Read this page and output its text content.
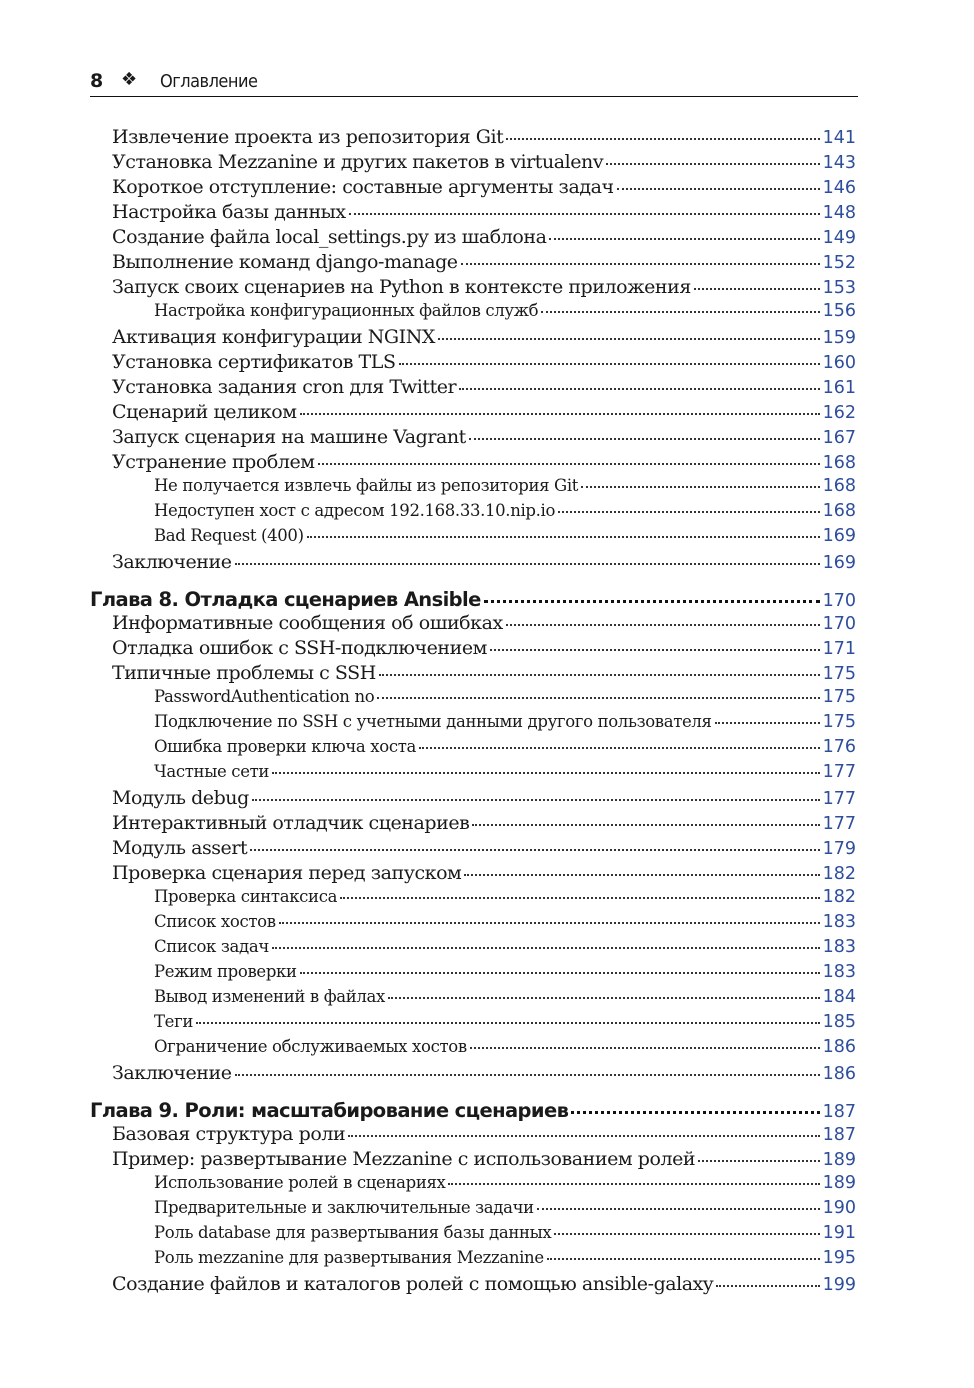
8 ❖ Оглавление
Извлечение проекта из репозитория Git	141
Установка Mezzanine и других пакетов в virtualenv	143
Короткое отступление: составные аргументы задач	146
Настройка базы данных	148
Создание файла local_settings.py из шаблона	149
Выполнение команд django-manage	152
Запуск своих сценариев на Python в контексте приложения	153
Настройка конфигурационных файлов служб	156
Активация конфигурации NGINX	159
Установка сертификатов TLS	160
Установка задания cron для Twitter	161
Сценарий целиком	162
Запуск сценария на машине Vagrant	167
Устранение проблем	168
Не получается извлечь файлы из репозитория Git	168
Недоступен хост с адресом 192.168.33.10.nip.io	168
Bad Request (400)	169
Заключение	169
Глава 8. Отладка сценариев Ansible	170
Информативные сообщения об ошибках	170
Отладка ошибок с SSH-подключением	171
Типичные проблемы с SSH	175
PasswordAuthentication no	175
Подключение по SSH с учетными данными другого пользователя	175
Ошибка проверки ключа хоста	176
Частные сети	177
Модуль debug	177
Интерактивный отладчик сценариев	177
Модуль assert	179
Проверка сценария перед запуском	182
Проверка синтаксиса	182
Список хостов	183
Список задач	183
Режим проверки	183
Вывод изменений в файлах	184
Теги	185
Ограничение обслуживаемых хостов	186
Заключение	186
Глава 9. Роли: масштабирование сценариев	187
Базовая структура роли	187
Пример: развертывание Mezzanine с использованием ролей	189
Использование ролей в сценариях	189
Предварительные и заключительные задачи	190
Роль database для развертывания базы данных	191
Роль mezzanine для развертывания Mezzanine	195
Создание файлов и каталогов ролей с помощью ansible-galaxy	199
